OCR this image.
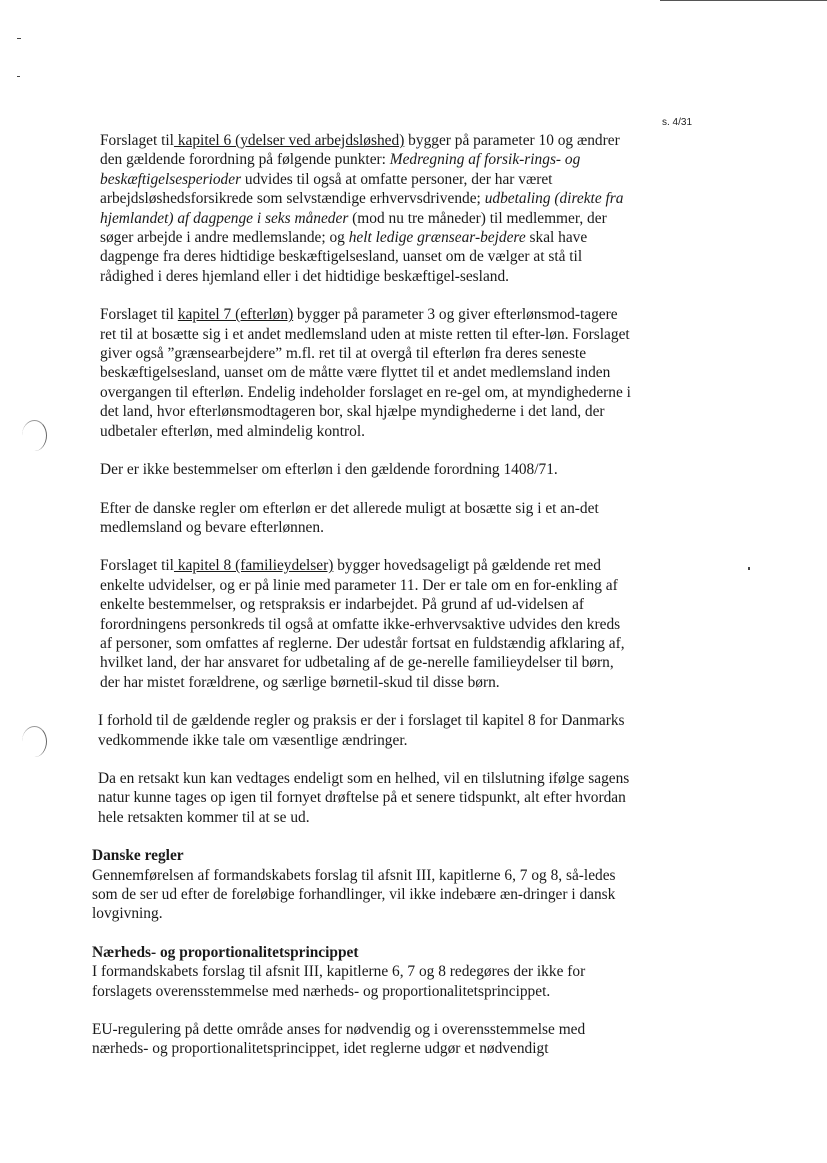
s. 4/31

Forslaget til kapitel 6 (ydelser ved arbejdsløshed) bygger på parameter 10 og ændrer den gældende forordning på følgende punkter: Medregning af forsik-rings- og beskæftigelsesperioder udvides til også at omfatte personer, der har været arbejdsløshedsforsikrede som selvstændige erhvervsdrivende; udbetaling (direkte fra hjemlandet) af dagpenge i seks måneder (mod nu tre måneder) til medlemmer, der søger arbejde i andre medlemslande; og helt ledige grænsear-bejdere skal have dagpenge fra deres hidtidige beskæftigelsesland, uanset om de vælger at stå til rådighed i deres hjemland eller i det hidtidige beskæftigel-sesland.

Forslaget til kapitel 7 (efterløn) bygger på parameter 3 og giver efterlønsmod-tagere ret til at bosætte sig i et andet medlemsland uden at miste retten til efter-løn. Forslaget giver også ”grænsearbejdere” m.fl. ret til at overgå til efterløn fra deres seneste beskæftigelsesland, uanset om de måtte være flyttet til et andet medlemsland inden overgangen til efterløn. Endelig indeholder forslaget en re-gel om, at myndighederne i det land, hvor efterlønsmodtageren bor, skal hjælpe myndighederne i det land, der udbetaler efterløn, med almindelig kontrol.

Der er ikke bestemmelser om efterløn i den gældende forordning 1408/71.

Efter de danske regler om efterløn er det allerede muligt at bosætte sig i et an-det medlemsland og bevare efterlønnen.

Forslaget til kapitel 8 (familieydelser) bygger hovedsageligt på gældende ret med enkelte udvidelser, og er på linie med parameter 11. Der er tale om en for-enkling af enkelte bestemmelser, og retspraksis er indarbejdet. På grund af ud-videlsen af forordningens personkreds til også at omfatte ikke-erhvervsaktive udvides den kreds af personer, som omfattes af reglerne. Der udestår fortsat en fuldstændig afklaring af, hvilket land, der har ansvaret for udbetaling af de ge-nerelle familieydelser til børn, der har mistet forældrene, og særlige børnetil-skud til disse børn.

I forhold til de gældende regler og praksis er der i forslaget til kapitel 8 for Danmarks vedkommende ikke tale om væsentlige ændringer.

Da en retsakt kun kan vedtages endeligt som en helhed, vil en tilslutning ifølge sagens natur kunne tages op igen til fornyet drøftelse på et senere tidspunkt, alt efter hvordan hele retsakten kommer til at se ud.

Danske regler

Gennemførelsen af formandskabets forslag til afsnit III, kapitlerne 6, 7 og 8, så-ledes som de ser ud efter de foreløbige forhandlinger, vil ikke indebære æn-dringer i dansk lovgivning.

Nærheds- og proportionalitetsprincippet

I formandskabets forslag til afsnit III, kapitlerne 6, 7 og 8 redegøres der ikke for forslagets overensstemmelse med nærheds- og proportionalitetsprincippet.

EU-regulering på dette område anses for nødvendig og i overensstemmelse med nærheds- og proportionalitetsprincippet, idet reglerne udgør et nødvendigt
